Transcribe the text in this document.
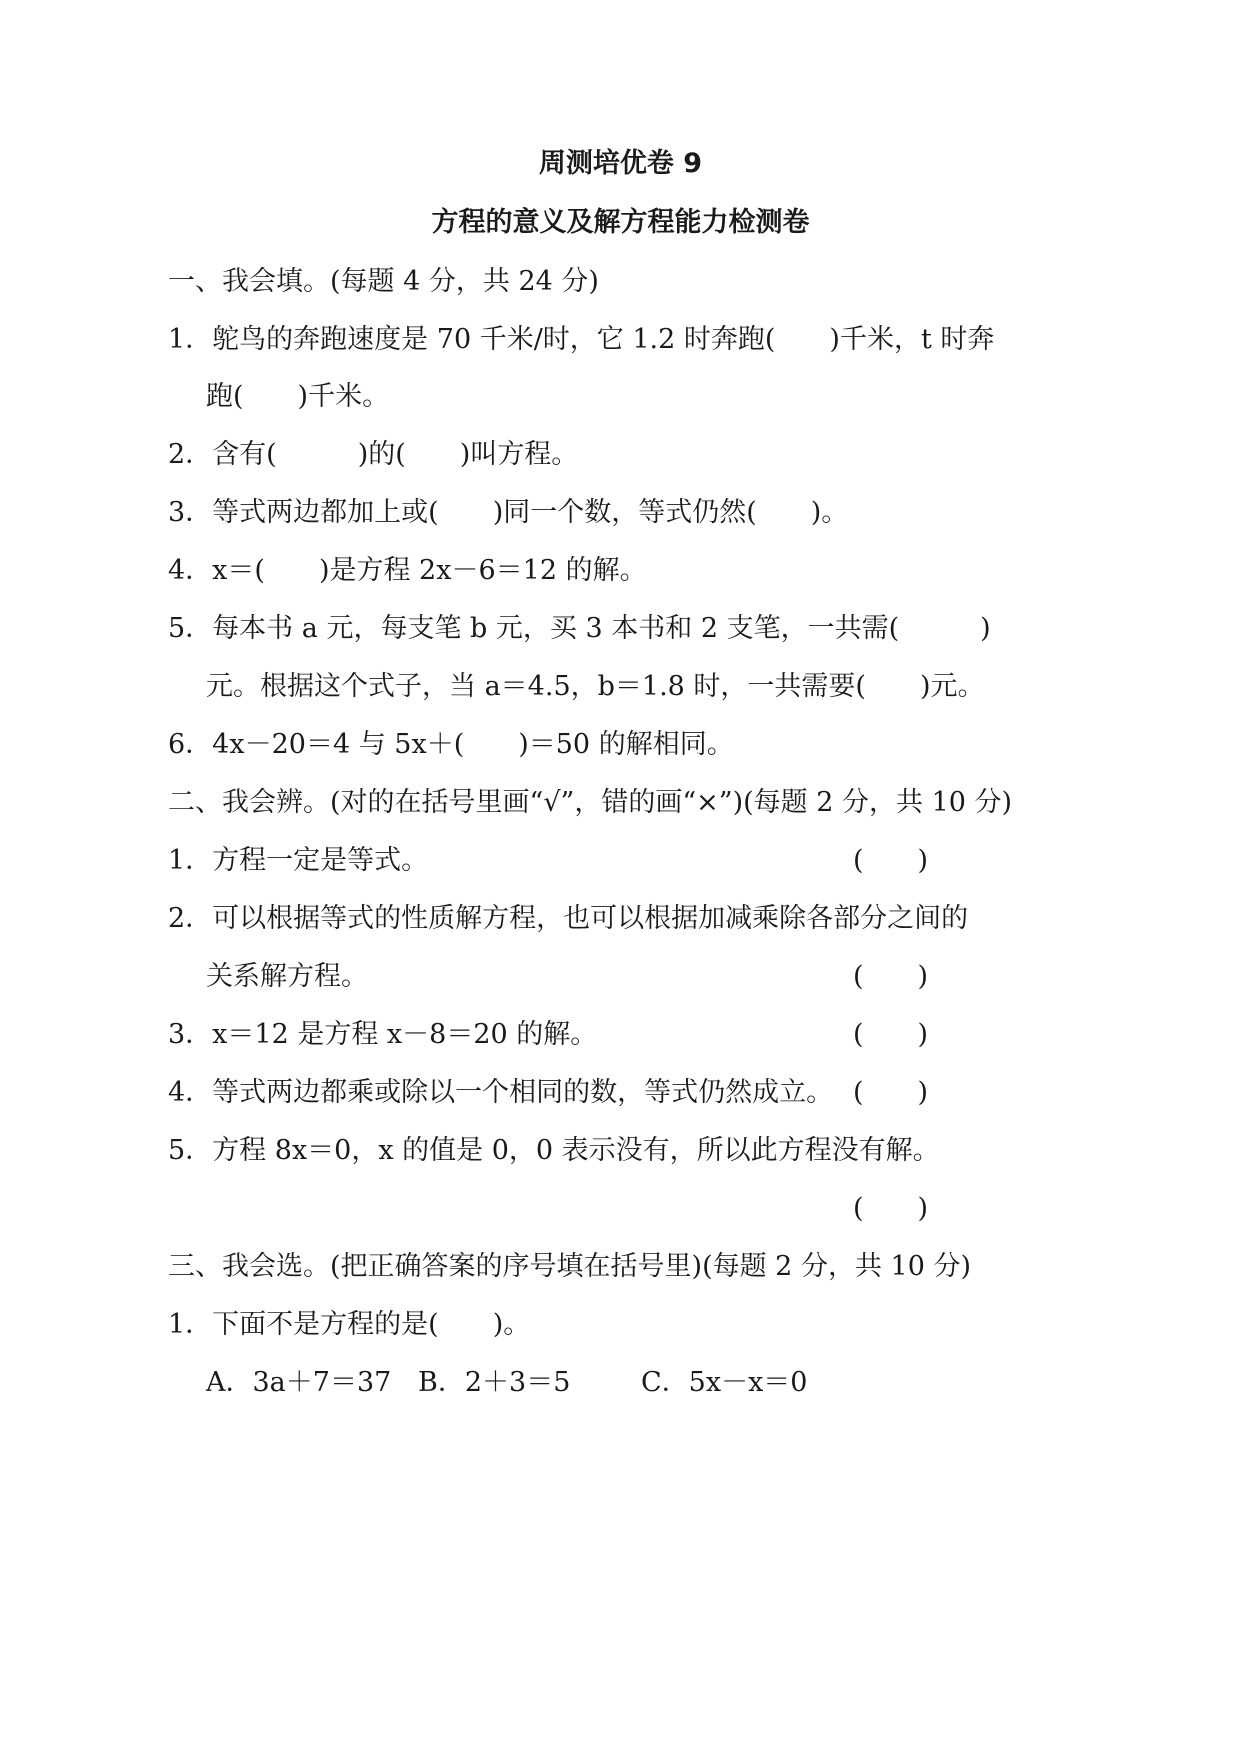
周测培优卷 9
方程的意义及解方程能力检测卷
一、我会填。(每题 4 分，共 24 分)
1．鸵鸟的奔跑速度是 70 千米/时，它 1.2 时奔跑(　　)千米，t 时奔
跑(　　)千米。
2．含有(　　　)的(　　)叫方程。
3．等式两边都加上或(　　)同一个数，等式仍然(　　)。
4．x＝(　　)是方程 2x－6＝12 的解。
5．每本书 a 元，每支笔 b 元，买 3 本书和 2 支笔，一共需(　　　)
元。根据这个式子，当 a＝4.5，b＝1.8 时，一共需要(　　)元。
6．4x－20＝4 与 5x＋(　　)＝50 的解相同。
二、我会辨。(对的在括号里画“√”，错的画“×”)(每题 2 分，共 10 分)
1．方程一定是等式。	(　　)
2．可以根据等式的性质解方程，也可以根据加减乘除各部分之间的
关系解方程。	(　　)
3．x＝12 是方程 x－8＝20 的解。	(　　)
4．等式两边都乘或除以一个相同的数，等式仍然成立。 (　　)
5．方程 8x＝0，x 的值是 0，0 表示没有，所以此方程没有解。
(　　)
三、我会选。(把正确答案的序号填在括号里)(每题 2 分，共 10 分)
1．下面不是方程的是(　　)。
A．3a＋7＝37 B．2＋3＝5	C．5x－x＝0
